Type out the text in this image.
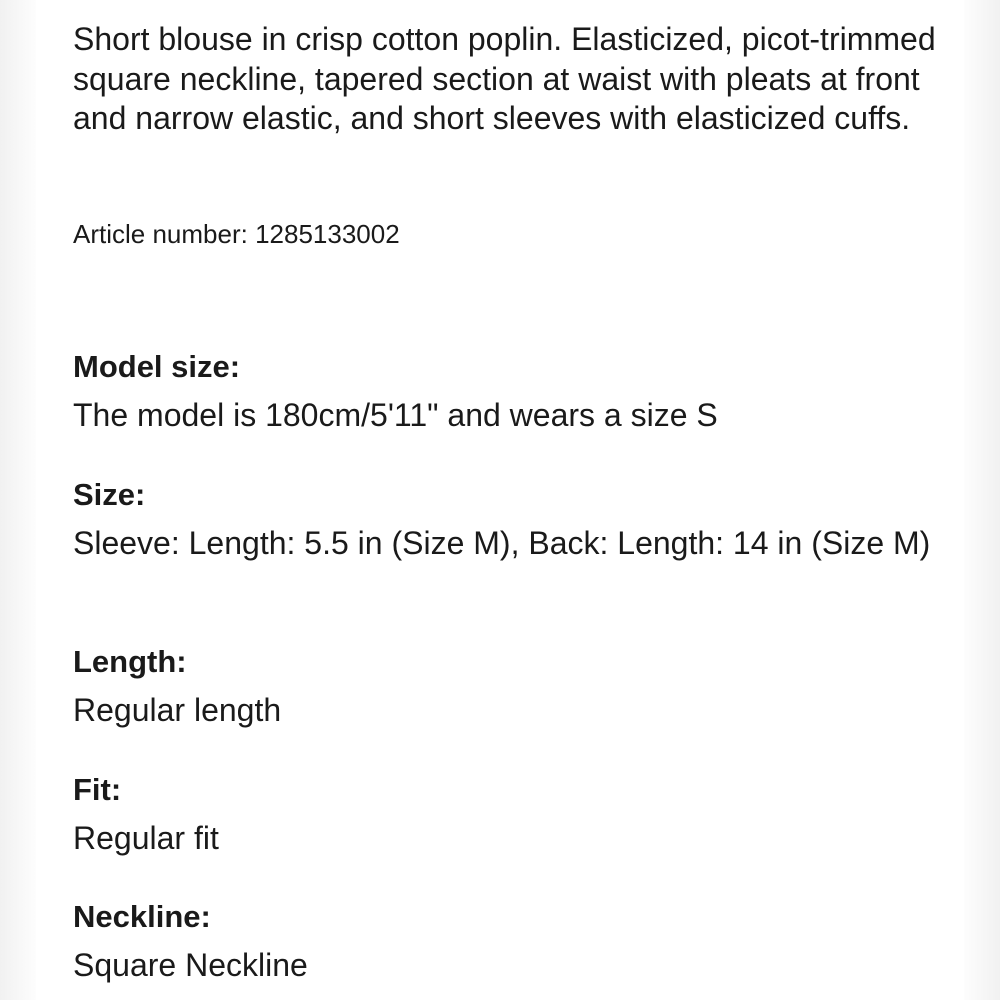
Short blouse in crisp cotton poplin. Elasticized, picot-trimmed square neckline, tapered section at waist with pleats at front and narrow elastic, and short sleeves with elasticized cuffs.

Article number: 1285133002

Model size:
The model is 180cm/5'11" and wears a size S
Size:
Sleeve: Length: 5.5 in (Size M), Back: Length: 14 in (Size M)
Length:
Regular length
Fit:
Regular fit
Neckline:
Square Neckline
